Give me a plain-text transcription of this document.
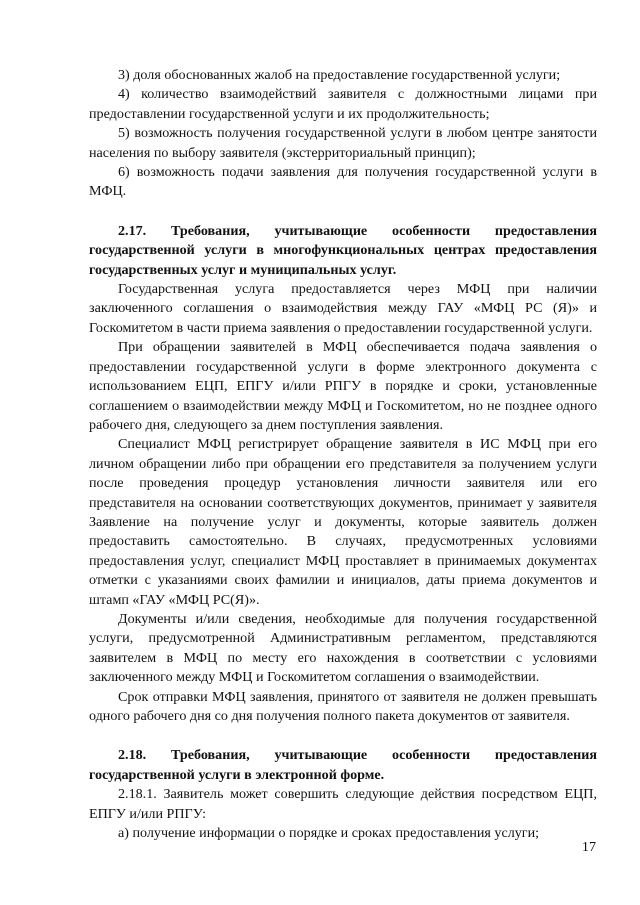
3) доля обоснованных жалоб на предоставление государственной услуги;

4) количество взаимодействий заявителя с должностными лицами при предоставлении государственной услуги и их продолжительность;

5) возможность получения государственной услуги в любом центре занятости населения по выбору заявителя (экстерриториальный принцип);

6) возможность подачи заявления для получения государственной услуги в МФЦ.

2.17. Требования, учитывающие особенности предоставления государственной услуги в многофункциональных центрах предоставления государственных услуг и муниципальных услуг.

Государственная услуга предоставляется через МФЦ при наличии заключенного соглашения о взаимодействия между ГАУ «МФЦ РС (Я)» и Госкомитетом в части приема заявления о предоставлении государственной услуги.

При обращении заявителей в МФЦ обеспечивается подача заявления о предоставлении государственной услуги в форме электронного документа с использованием ЕЦП, ЕПГУ и/или РПГУ в порядке и сроки, установленные соглашением о взаимодействии между МФЦ и Госкомитетом, но не позднее одного рабочего дня, следующего за днем поступления заявления.

Специалист МФЦ регистрирует обращение заявителя в ИС МФЦ при его личном обращении либо при обращении его представителя за получением услуги после проведения процедур установления личности заявителя или его представителя на основании соответствующих документов, принимает у заявителя Заявление на получение услуг и документы, которые заявитель должен предоставить самостоятельно. В случаях, предусмотренных условиями предоставления услуг, специалист МФЦ проставляет в принимаемых документах отметки с указаниями своих фамилии и инициалов, даты приема документов и штамп «ГАУ «МФЦ РС(Я)».

Документы и/или сведения, необходимые для получения государственной услуги, предусмотренной Административным регламентом, представляются заявителем в МФЦ по месту его нахождения в соответствии с условиями заключенного между МФЦ и Госкомитетом соглашения о взаимодействии.

Срок отправки МФЦ заявления, принятого от заявителя не должен превышать одного рабочего дня со дня получения полного пакета документов от заявителя.

2.18. Требования, учитывающие особенности предоставления государственной услуги в электронной форме.

2.18.1. Заявитель может совершить следующие действия посредством ЕЦП, ЕПГУ и/или РПГУ:

а) получение информации о порядке и сроках предоставления услуги;

17
